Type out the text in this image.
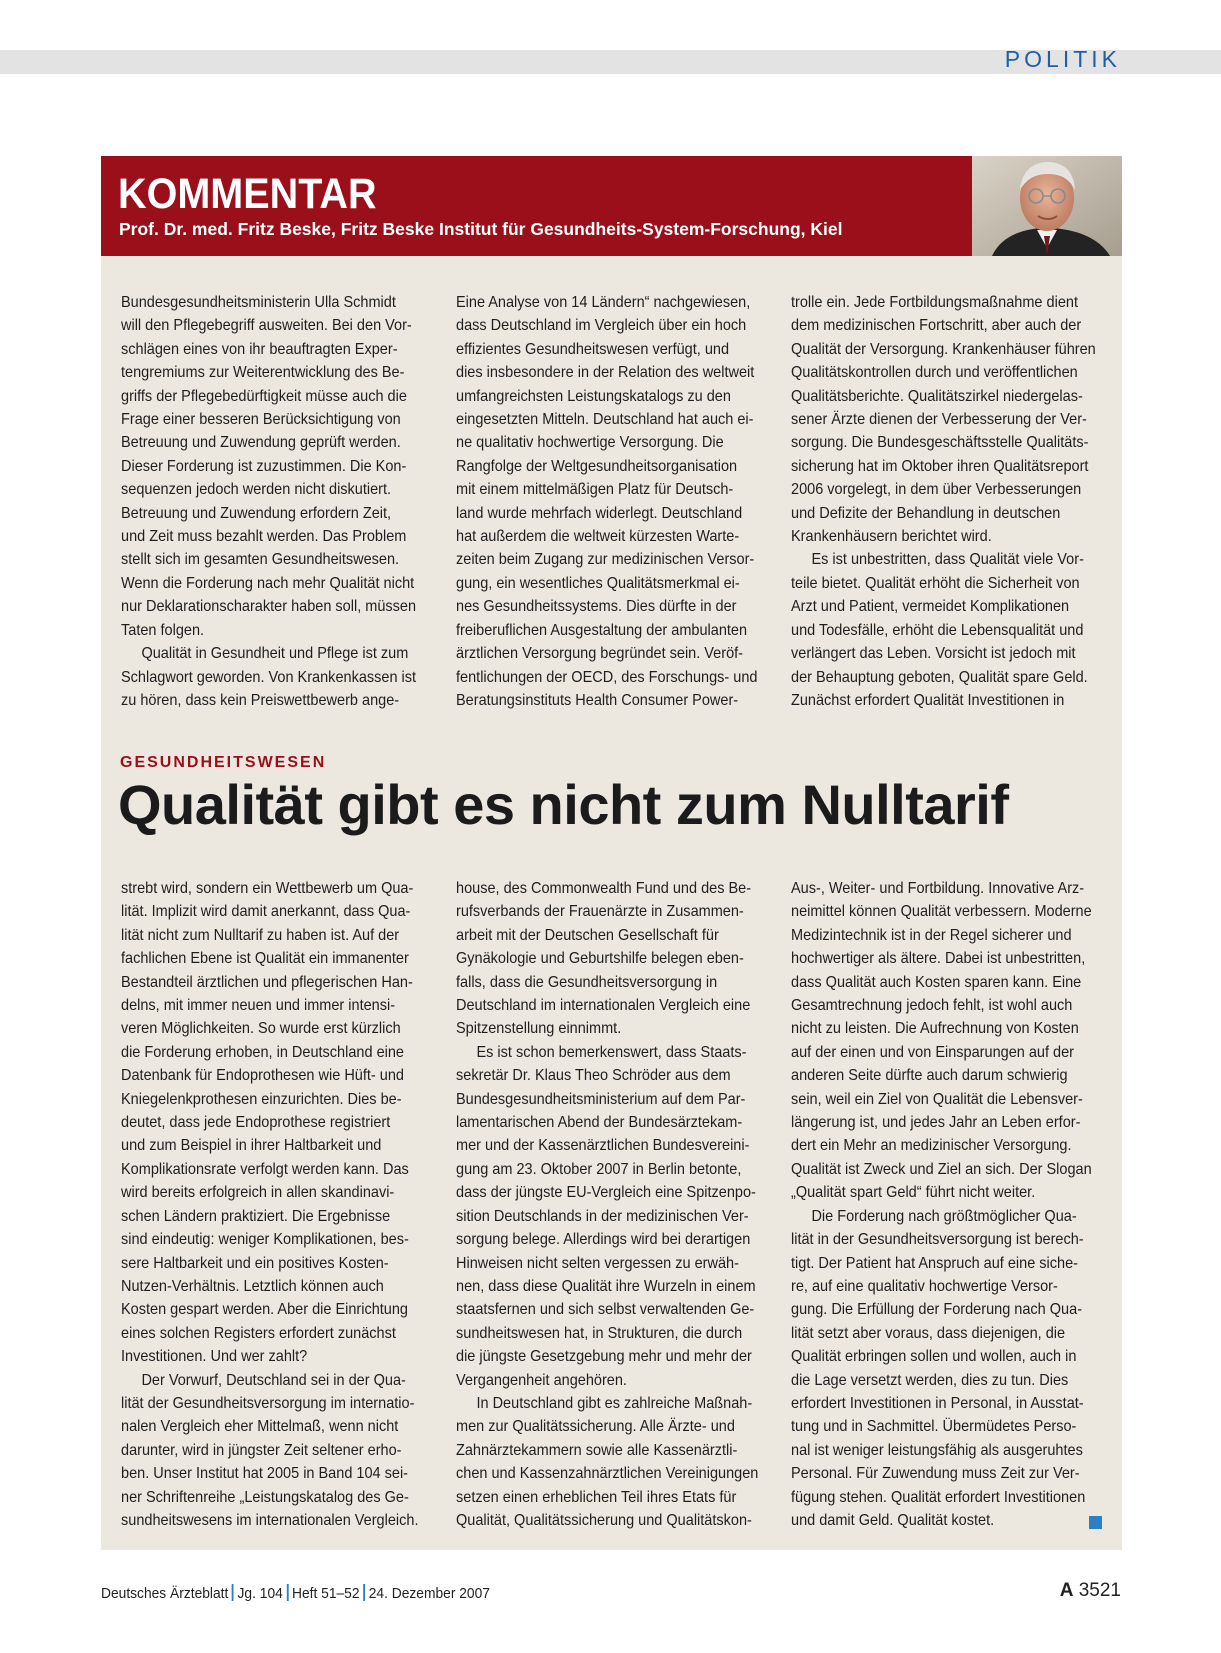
POLITIK
KOMMENTAR
Prof. Dr. med. Fritz Beske, Fritz Beske Institut für Gesundheits-System-Forschung, Kiel
Bundesgesundheitsministerin Ulla Schmidt
will den Pflegebegriff ausweiten. Bei den Vor-
schlägen eines von ihr beauftragten Exper-
tengremiums zur Weiterentwicklung des Be-
griffs der Pflegebedürftigkeit müsse auch die
Frage einer besseren Berücksichtigung von
Betreuung und Zuwendung geprüft werden.
Dieser Forderung ist zuzustimmen. Die Kon-
sequenzen jedoch werden nicht diskutiert.
Betreuung und Zuwendung erfordern Zeit,
und Zeit muss bezahlt werden. Das Problem
stellt sich im gesamten Gesundheitswesen.
Wenn die Forderung nach mehr Qualität nicht
nur Deklarationscharakter haben soll, müssen
Taten folgen.
Qualität in Gesundheit und Pflege ist zum
Schlagwort geworden. Von Krankenkassen ist
zu hören, dass kein Preiswettbewerb ange-
Eine Analyse von 14 Ländern“ nachgewiesen,
dass Deutschland im Vergleich über ein hoch
effizientes Gesundheitswesen verfügt, und
dies insbesondere in der Relation des weltweit
umfangreichsten Leistungskatalogs zu den
eingesetzten Mitteln. Deutschland hat auch ei-
ne qualitativ hochwertige Versorgung. Die
Rangfolge der Weltgesundheitsorganisation
mit einem mittelmäßigen Platz für Deutsch-
land wurde mehrfach widerlegt. Deutschland
hat außerdem die weltweit kürzesten Warte-
zeiten beim Zugang zur medizinischen Versor-
gung, ein wesentliches Qualitätsmerkmal ei-
nes Gesundheitssystems. Dies dürfte in der
freiberuflichen Ausgestaltung der ambulanten
ärztlichen Versorgung begründet sein. Veröf-
fentlichungen der OECD, des Forschungs- und
Beratungsinstituts Health Consumer Power-
trolle ein. Jede Fortbildungsmaßnahme dient
dem medizinischen Fortschritt, aber auch der
Qualität der Versorgung. Krankenhäuser führen
Qualitätskontrollen durch und veröffentlichen
Qualitätsberichte. Qualitätszirkel niedergelas-
sener Ärzte dienen der Verbesserung der Ver-
sorgung. Die Bundesgeschäftsstelle Qualitäts-
sicherung hat im Oktober ihren Qualitätsreport
2006 vorgelegt, in dem über Verbesserungen
und Defizite der Behandlung in deutschen
Krankenhäusern berichtet wird.
Es ist unbestritten, dass Qualität viele Vor-
teile bietet. Qualität erhöht die Sicherheit von
Arzt und Patient, vermeidet Komplikationen
und Todesfälle, erhöht die Lebensqualität und
verlängert das Leben. Vorsicht ist jedoch mit
der Behauptung geboten, Qualität spare Geld.
Zunächst erfordert Qualität Investitionen in
GESUNDHEITSWESEN
Qualität gibt es nicht zum Nulltarif
strebt wird, sondern ein Wettbewerb um Qua-
lität. Implizit wird damit anerkannt, dass Qua-
lität nicht zum Nulltarif zu haben ist. Auf der
fachlichen Ebene ist Qualität ein immanenter
Bestandteil ärztlichen und pflegerischen Han-
delns, mit immer neuen und immer intensi-
veren Möglichkeiten. So wurde erst kürzlich
die Forderung erhoben, in Deutschland eine
Datenbank für Endoprothesen wie Hüft- und
Kniegelenkprothesen einzurichten. Dies be-
deutet, dass jede Endoprothese registriert
und zum Beispiel in ihrer Haltbarkeit und
Komplikationsrate verfolgt werden kann. Das
wird bereits erfolgreich in allen skandinavi-
schen Ländern praktiziert. Die Ergebnisse
sind eindeutig: weniger Komplikationen, bes-
sere Haltbarkeit und ein positives Kosten-
Nutzen-Verhältnis. Letztlich können auch
Kosten gespart werden. Aber die Einrichtung
eines solchen Registers erfordert zunächst
Investitionen. Und wer zahlt?
Der Vorwurf, Deutschland sei in der Qua-
lität der Gesundheitsversorgung im internatio-
nalen Vergleich eher Mittelmaß, wenn nicht
darunter, wird in jüngster Zeit seltener erho-
ben. Unser Institut hat 2005 in Band 104 sei-
ner Schriftenreihe „Leistungskatalog des Ge-
sundheitswesens im internationalen Vergleich.
house, des Commonwealth Fund und des Be-
rufsverbands der Frauenärzte in Zusammen-
arbeit mit der Deutschen Gesellschaft für
Gynäkologie und Geburtshilfe belegen eben-
falls, dass die Gesundheitsversorgung in
Deutschland im internationalen Vergleich eine
Spitzenstellung einnimmt.
Es ist schon bemerkenswert, dass Staats-
sekretär Dr. Klaus Theo Schröder aus dem
Bundesgesundheitsministerium auf dem Par-
lamentarischen Abend der Bundesärztekam-
mer und der Kassenärztlichen Bundesvereini-
gung am 23. Oktober 2007 in Berlin betonte,
dass der jüngste EU-Vergleich eine Spitzenpo-
sition Deutschlands in der medizinischen Ver-
sorgung belege. Allerdings wird bei derartigen
Hinweisen nicht selten vergessen zu erwäh-
nen, dass diese Qualität ihre Wurzeln in einem
staatsfernen und sich selbst verwaltenden Ge-
sundheitswesen hat, in Strukturen, die durch
die jüngste Gesetzgebung mehr und mehr der
Vergangenheit angehören.
In Deutschland gibt es zahlreiche Maßnah-
men zur Qualitätssicherung. Alle Ärzte- und
Zahnärztekammern sowie alle Kassenärztli-
chen und Kassenzahnärztlichen Vereinigungen
setzen einen erheblichen Teil ihres Etats für
Qualität, Qualitätssicherung und Qualitätskon-
Aus-, Weiter- und Fortbildung. Innovative Arz-
neimittel können Qualität verbessern. Moderne
Medizintechnik ist in der Regel sicherer und
hochwertiger als ältere. Dabei ist unbestritten,
dass Qualität auch Kosten sparen kann. Eine
Gesamtrechnung jedoch fehlt, ist wohl auch
nicht zu leisten. Die Aufrechnung von Kosten
auf der einen und von Einsparungen auf der
anderen Seite dürfte auch darum schwierig
sein, weil ein Ziel von Qualität die Lebensver-
längerung ist, und jedes Jahr an Leben erfor-
dert ein Mehr an medizinischer Versorgung.
Qualität ist Zweck und Ziel an sich. Der Slogan
„Qualität spart Geld“ führt nicht weiter.
Die Forderung nach größtmöglicher Qua-
lität in der Gesundheitsversorgung ist berech-
tigt. Der Patient hat Anspruch auf eine siche-
re, auf eine qualitativ hochwertige Versor-
gung. Die Erfüllung der Forderung nach Qua-
lität setzt aber voraus, dass diejenigen, die
Qualität erbringen sollen und wollen, auch in
die Lage versetzt werden, dies zu tun. Dies
erfordert Investitionen in Personal, in Ausstat-
tung und in Sachmittel. Übermüdetes Perso-
nal ist weniger leistungsfähig als ausgeruhtes
Personal. Für Zuwendung muss Zeit zur Ver-
fügung stehen. Qualität erfordert Investitionen
und damit Geld. Qualität kostet.
Deutsches Ärzteblatt Jg. 104 Heft 51–52 24. Dezember 2007	A 3521
